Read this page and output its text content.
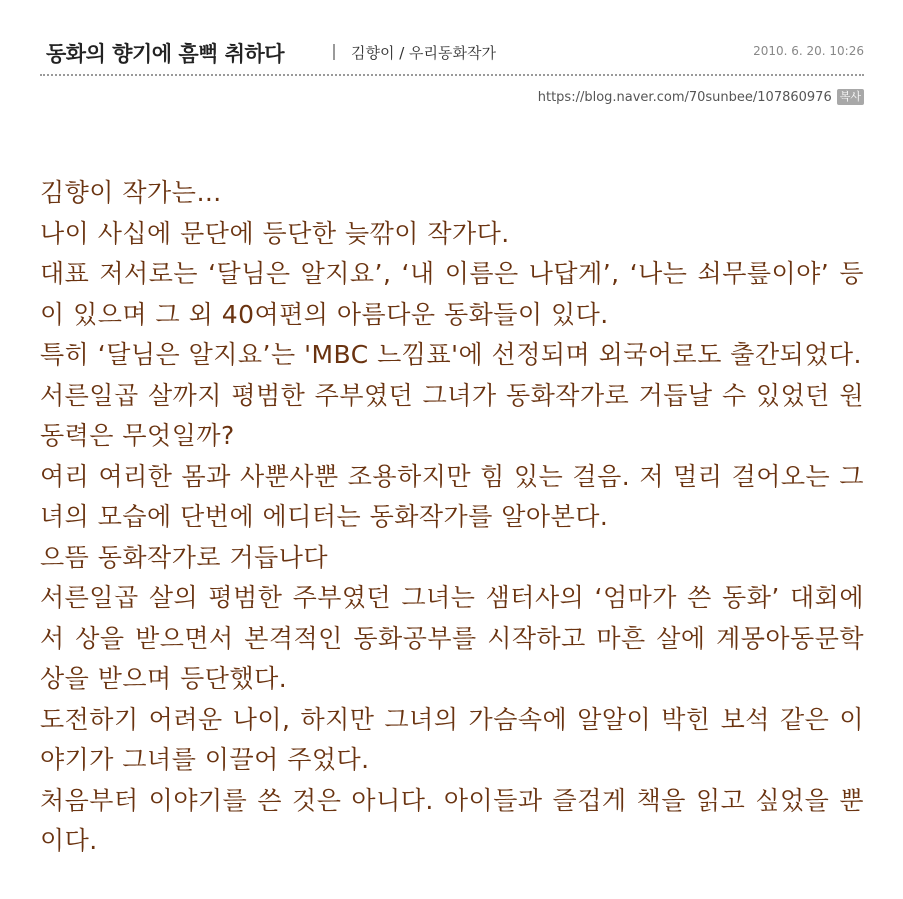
동화의 향기에 흠뻑 취하다	김향이 / 우리동화작가	2010. 6. 20. 10:26
https://blog.naver.com/70sunbee/107860976 복사

김향이 작가는…

나이 사십에 문단에 등단한 늦깎이 작가다.

대표 저서로는 ‘달님은 알지요’, ‘내 이름은 나답게’, ‘나는 쇠무릎이야’ 등이 있으며 그 외 40여편의 아름다운 동화들이 있다.

특히 ‘달님은 알지요’는 'MBC 느낌표'에 선정되며 외국어로도 출간되었다.

서른일곱 살까지 평범한 주부였던 그녀가 동화작가로 거듭날 수 있었던 원동력은 무엇일까?

여리 여리한 몸과 사뿐사뿐 조용하지만 힘 있는 걸음. 저 멀리 걸어오는 그녀의 모습에 단번에 에디터는 동화작가를 알아본다.

으뜸 동화작가로 거듭나다

서른일곱 살의 평범한 주부였던 그녀는 샘터사의 ‘엄마가 쓴 동화’ 대회에서 상을 받으면서 본격적인 동화공부를 시작하고 마흔 살에 계몽아동문학상을 받으며 등단했다.

도전하기 어려운 나이, 하지만 그녀의 가슴속에 알알이 박힌 보석 같은 이야기가 그녀를 이끌어 주었다.

처음부터 이야기를 쓴 것은 아니다. 아이들과 즐겁게 책을 읽고 싶었을 뿐이다.
